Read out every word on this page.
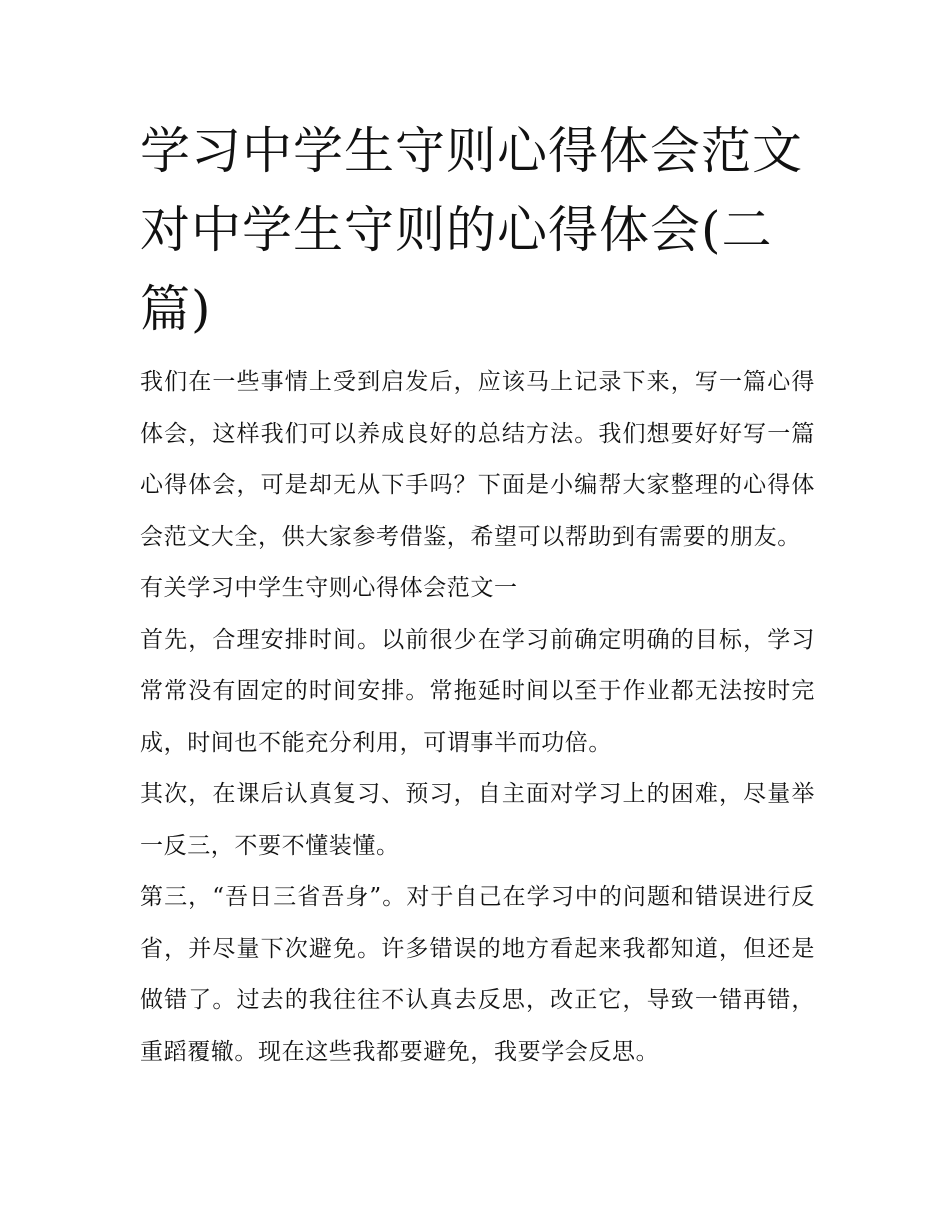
学习中学生守则心得体会范文对中学生守则的心得体会(二篇)

我们在一些事情上受到启发后，应该马上记录下来，写一篇心得体会，这样我们可以养成良好的总结方法。我们想要好好写一篇心得体会，可是却无从下手吗？下面是小编帮大家整理的心得体会范文大全，供大家参考借鉴，希望可以帮助到有需要的朋友。

有关学习中学生守则心得体会范文一

首先，合理安排时间。以前很少在学习前确定明确的目标，学习常常没有固定的时间安排。常拖延时间以至于作业都无法按时完成，时间也不能充分利用，可谓事半而功倍。

其次，在课后认真复习、预习，自主面对学习上的困难，尽量举一反三，不要不懂装懂。

第三，“吾日三省吾身”。对于自己在学习中的问题和错误进行反省，并尽量下次避免。许多错误的地方看起来我都知道，但还是做错了。过去的我往往不认真去反思，改正它，导致一错再错，重蹈覆辙。现在这些我都要避免，我要学会反思。
